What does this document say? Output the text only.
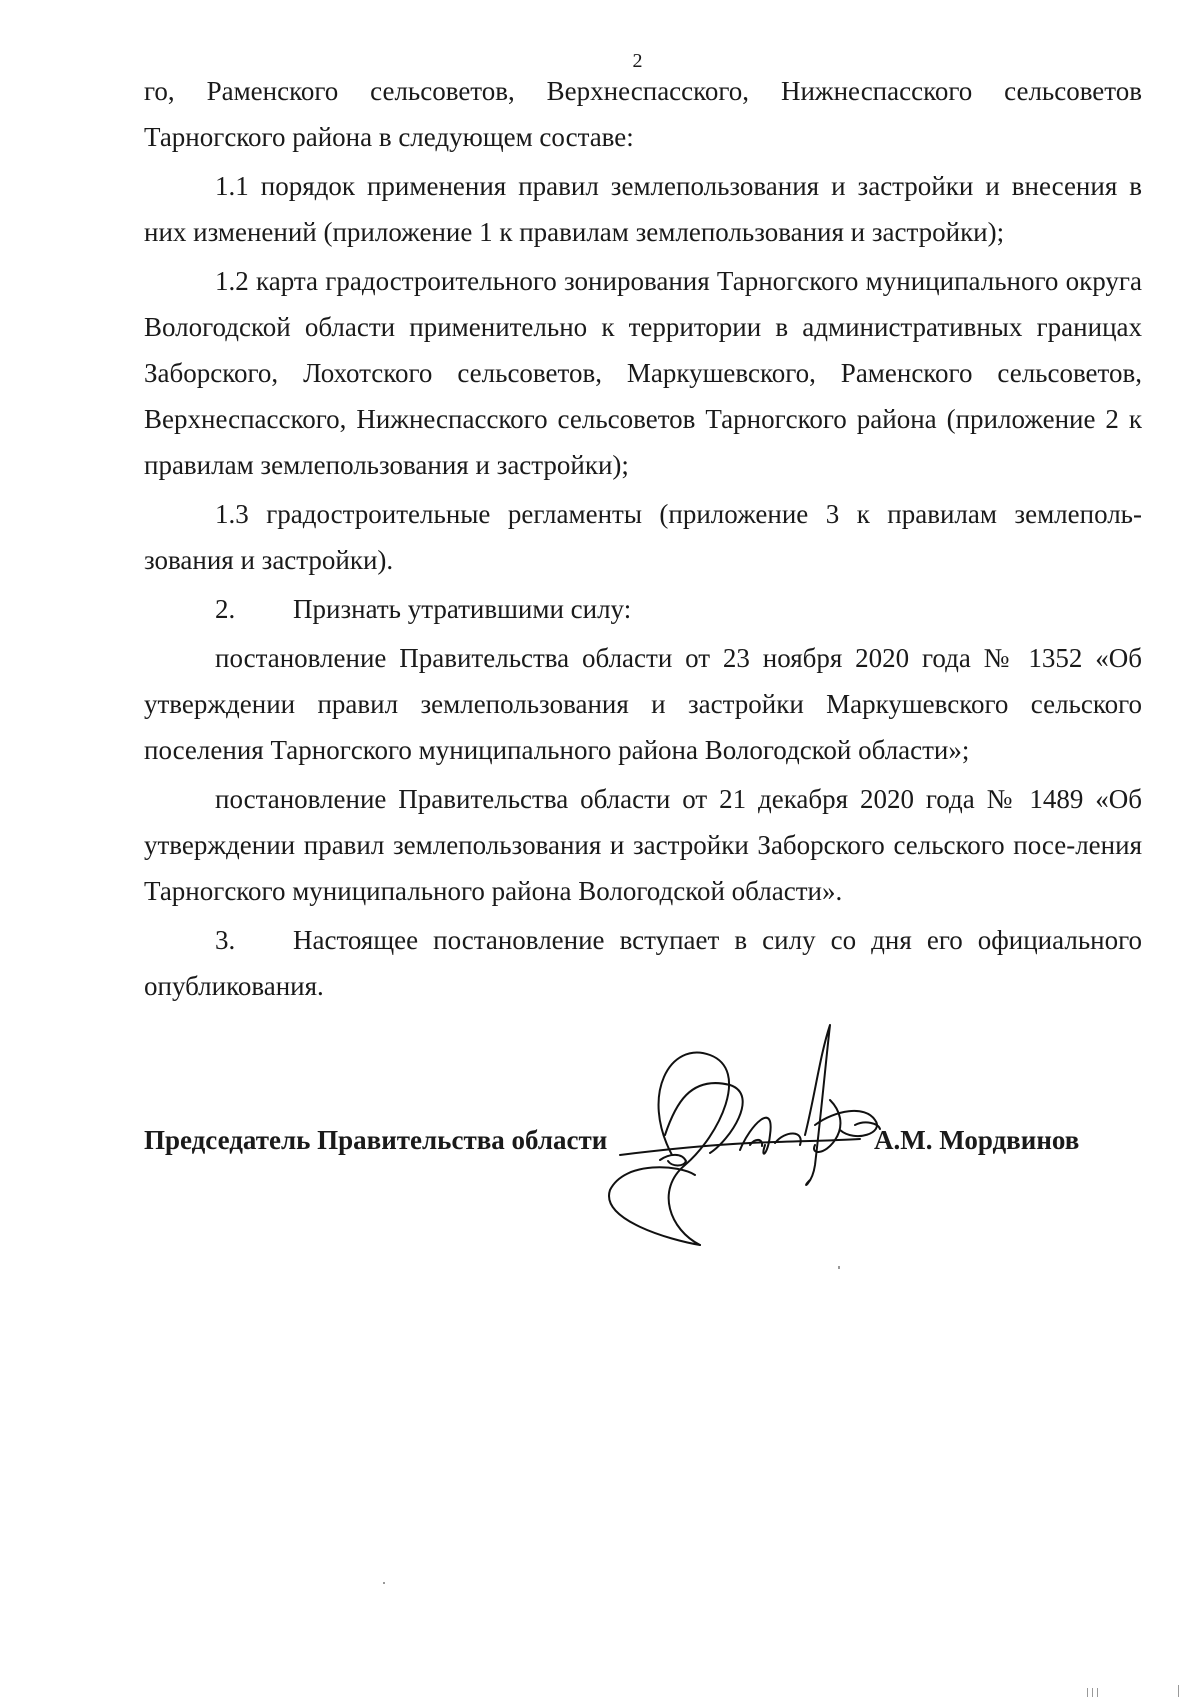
2

го, Раменского сельсоветов, Верхнеспасского, Нижнеспасского сельсоветов Тарногского района в следующем составе:

1.1 порядок применения правил землепользования и застройки и внесения в них изменений (приложение 1 к правилам землепользования и застройки);

1.2 карта градостроительного зонирования Тарногского муниципального округа Вологодской области применительно к территории в административных границах Заборского, Лохотского сельсоветов, Маркушевского, Раменского сельсоветов, Верхнеспасского, Нижнеспасского сельсоветов Тарногского района (приложение 2 к правилам землепользования и застройки);

1.3 градостроительные регламенты (приложение 3 к правилам землеполь-зования и застройки).

2. Признать утратившими силу:

постановление Правительства области от 23 ноября 2020 года № 1352 «Об утверждении правил землепользования и застройки Маркушевского сельского поселения Тарногского муниципального района Вологодской области»;

постановление Правительства области от 21 декабря 2020 года № 1489 «Об утверждении правил землепользования и застройки Заборского сельского посе-ления Тарногского муниципального района Вологодской области».

3. Настоящее постановление вступает в силу со дня его официального опубликования.

Председатель Правительства области	А.М. Мордвинов
